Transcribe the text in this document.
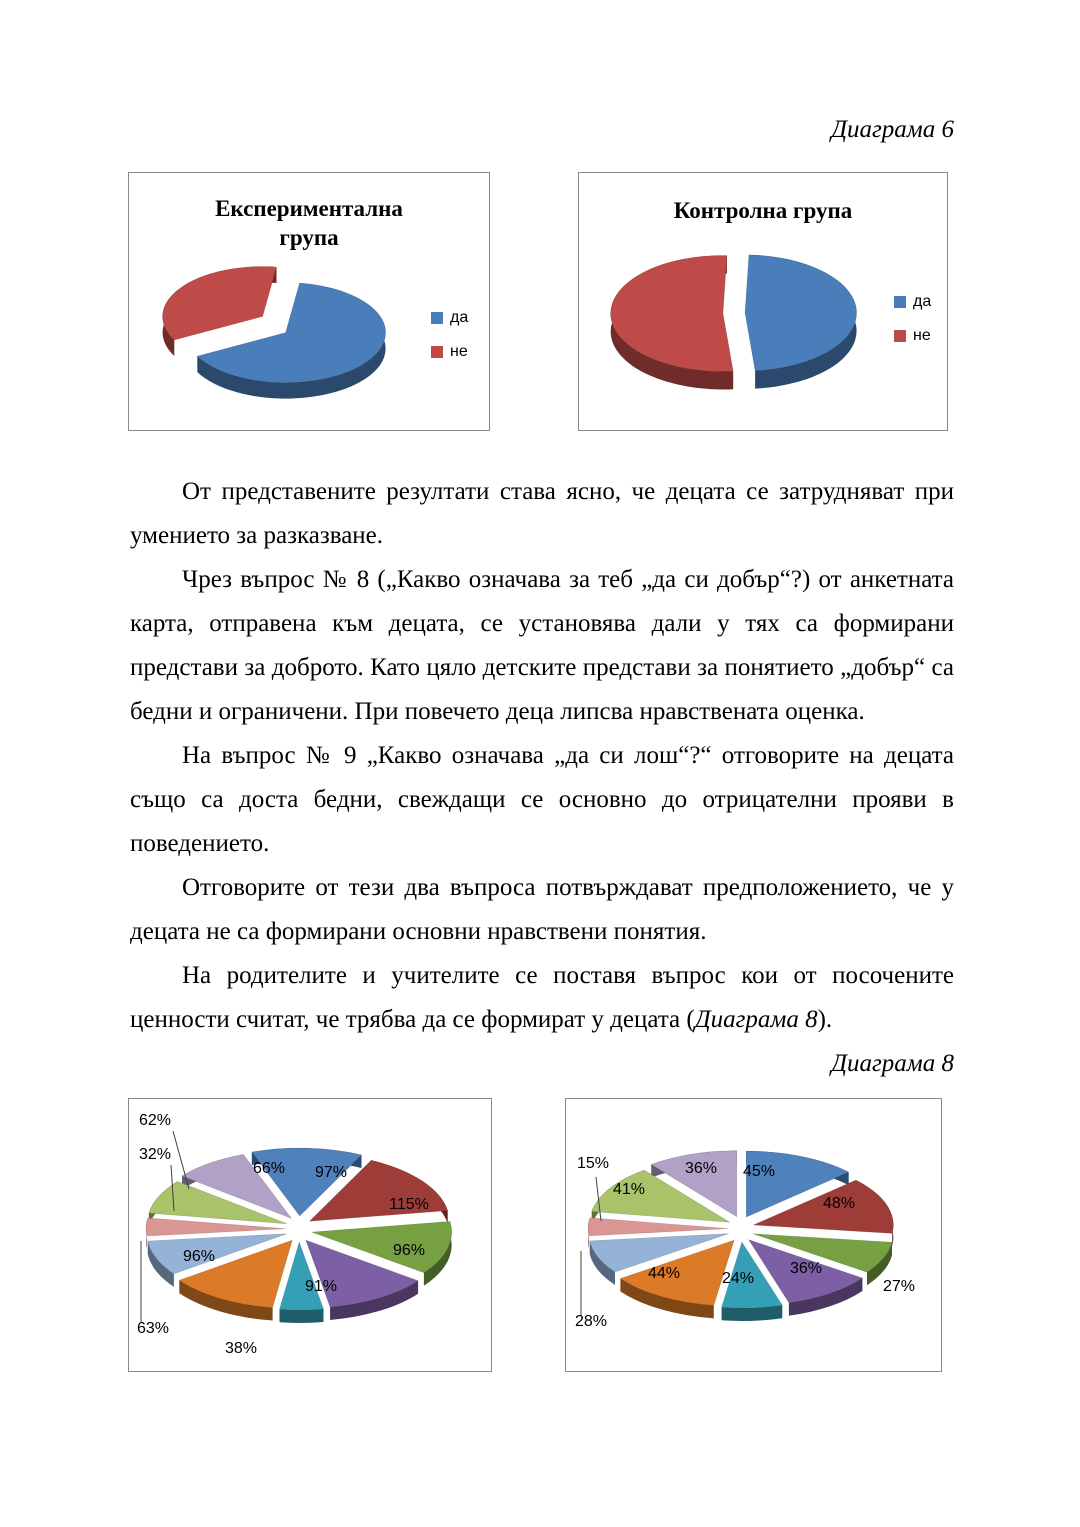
Диаграма 6
Експериментална група
да
не
Контролна група
да
не

От представените резултати става ясно, че децата се затрудняват при умението за разказване.

Чрез въпрос № 8 („Какво означава за теб „да си добър“?) от анкетната карта, отправена към децата, се установява дали у тях са формирани представи за доброто. Като цяло детските представи за понятието „добър“ са бедни и ограничени. При повечето деца липсва нравствената оценка.

На въпрос № 9 „Какво означава „да си лош“?“ отговорите на децата също са доста бедни, свеждащи се основно до отрицателни прояви в поведението.

Отговорите от тези два въпроса потвърждават предположението, че у децата не са формирани основни нравствени понятия.

На родителите и учителите се поставя въпрос кои от посочените ценности считат, че трябва да се формират у децата (Диаграма 8).

Диаграма 8
97%
115%
96%
91%
38%
96%
63%
32%
62%
66%	45%
48%
27%
36%
24%
44%
28%
15%
41%
36%
